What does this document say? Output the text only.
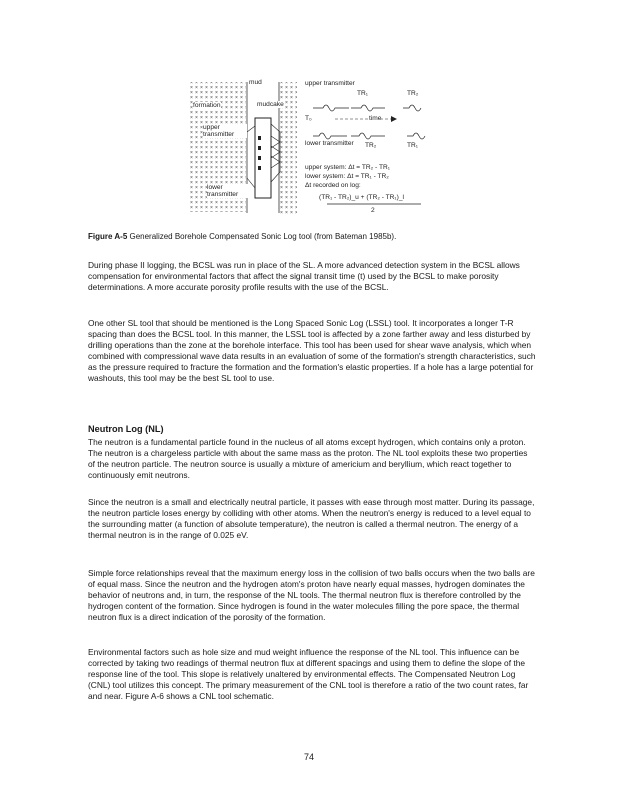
mud
formation	mudcake
upper transmitter
lower transmitter
upper transmitter
TR₁	TR₂
T₀	time
lower transmitter TR₂	TR₁
upper system: Δt = TR₂ - TR₁
lower system: Δt = TR₁ - TR₂
Δt recorded on log:
(TR₁ - TR₂)_u + (TR₂ - TR₁)_l
2
Figure A-5 Generalized Borehole Compensated Sonic Log tool (from Bateman 1985b).

During phase II logging, the BCSL was run in place of the SL. A more advanced detection system in the BCSL allows compensation for environmental factors that affect the signal transit time (t) used by the BCSL to make porosity determinations. A more accurate porosity profile results with the use of the BCSL.

One other SL tool that should be mentioned is the Long Spaced Sonic Log (LSSL) tool. It incorporates a longer T-R spacing than does the BCSL tool. In this manner, the LSSL tool is affected by a zone farther away and less disturbed by drilling operations than the zone at the borehole interface. This tool has been used for shear wave analysis, which when combined with compressional wave data results in an evaluation of some of the formation's strength characteristics, such as the pressure required to fracture the formation and the formation's elastic properties. If a hole has a large potential for washouts, this tool may be the best SL tool to use.

Neutron Log (NL)

The neutron is a fundamental particle found in the nucleus of all atoms except hydrogen, which contains only a proton. The neutron is a chargeless particle with about the same mass as the proton. The NL tool exploits these two properties of the neutron particle. The neutron source is usually a mixture of americium and beryllium, which react together to continuously emit neutrons.

Since the neutron is a small and electrically neutral particle, it passes with ease through most matter. During its passage, the neutron particle loses energy by colliding with other atoms. When the neutron's energy is reduced to a level equal to the surrounding matter (a function of absolute temperature), the neutron is called a thermal neutron. The energy of a thermal neutron is in the range of 0.025 eV.

Simple force relationships reveal that the maximum energy loss in the collision of two balls occurs when the two balls are of equal mass. Since the neutron and the hydrogen atom's proton have nearly equal masses, hydrogen dominates the behavior of neutrons and, in turn, the response of the NL tools. The thermal neutron flux is therefore controlled by the hydrogen content of the formation. Since hydrogen is found in the water molecules filling the pore space, the thermal neutron flux is a direct indication of the porosity of the formation.

Environmental factors such as hole size and mud weight influence the response of the NL tool. This influence can be corrected by taking two readings of thermal neutron flux at different spacings and using them to define the slope of the response line of the tool. This slope is relatively unaltered by environmental effects. The Compensated Neutron Log (CNL) tool utilizes this concept. The primary measurement of the CNL tool is therefore a ratio of the two count rates, far and near. Figure A-6 shows a CNL tool schematic.

74
